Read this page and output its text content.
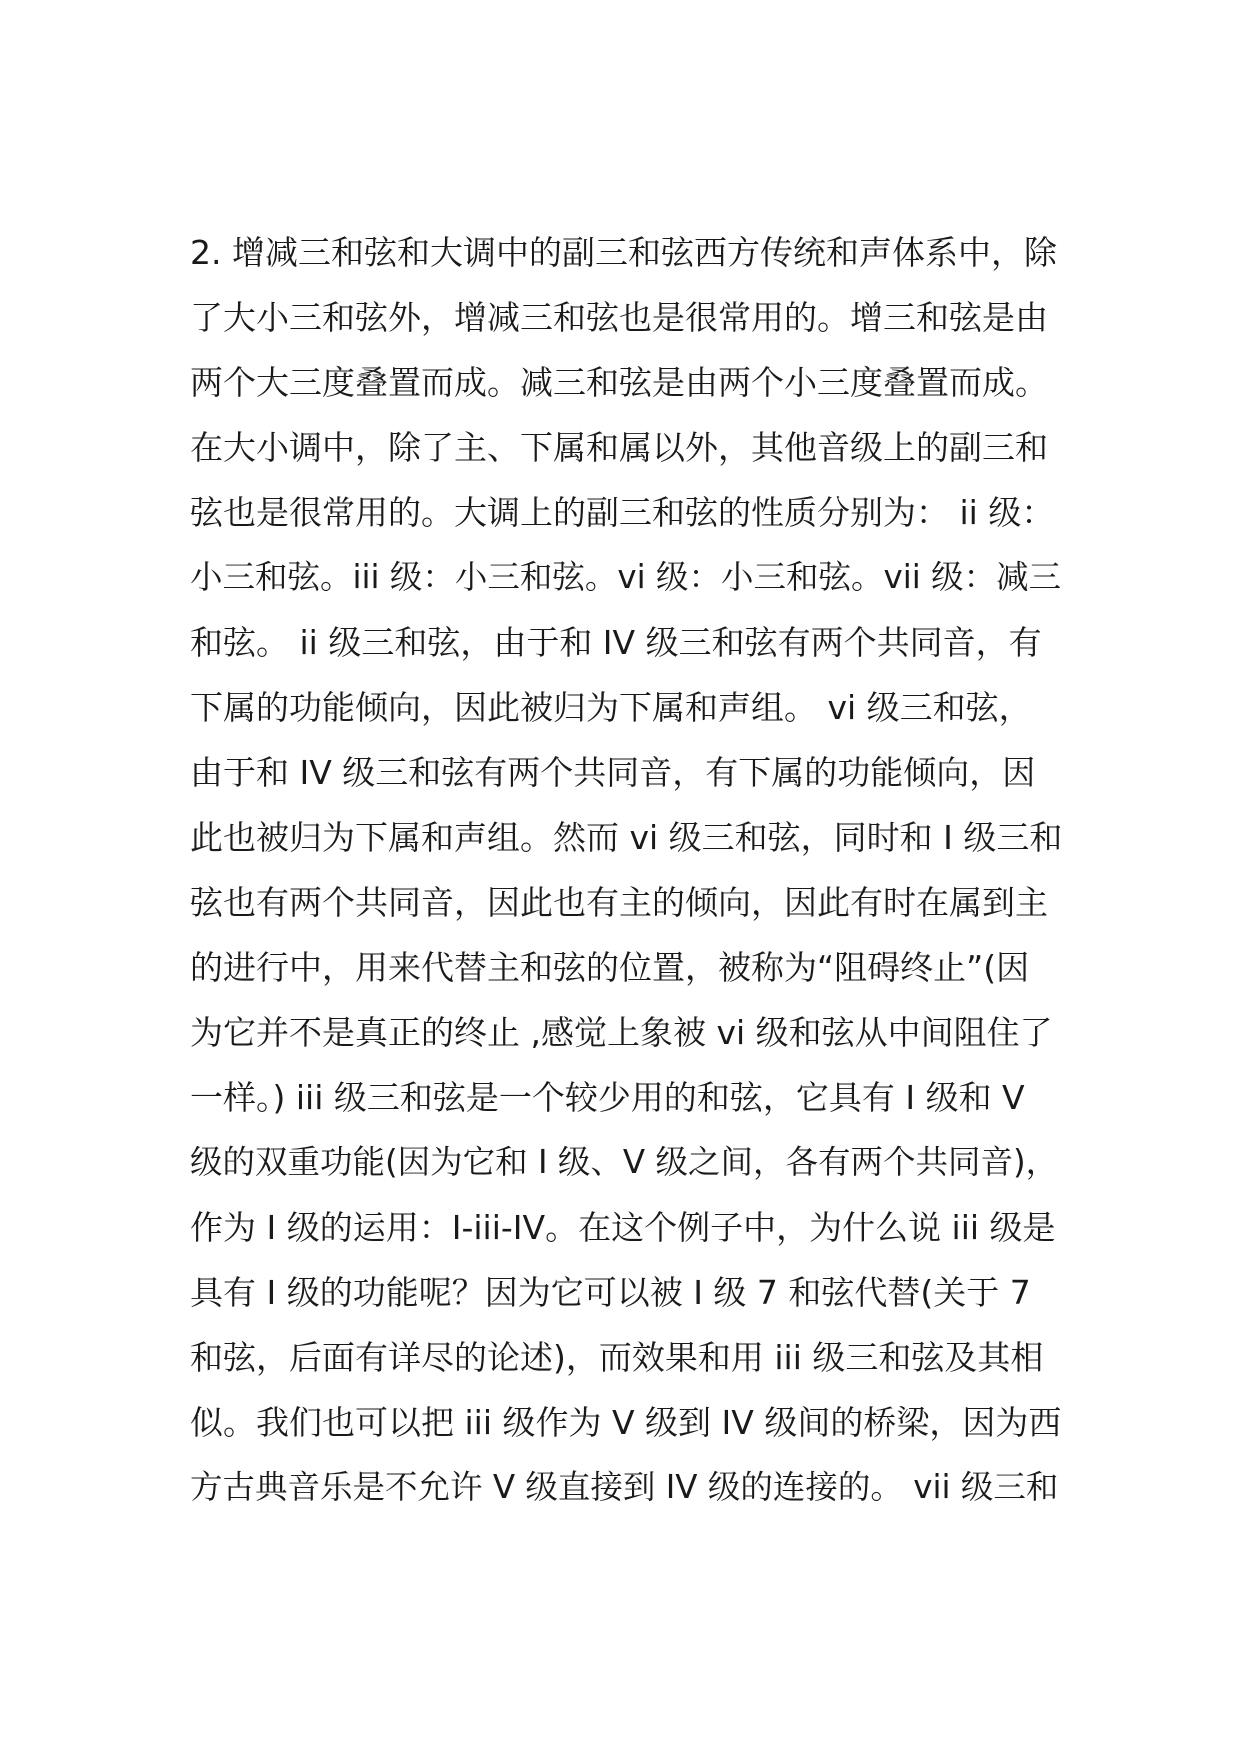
2. 增减三和弦和大调中的副三和弦西方传统和声体系中，除
了大小三和弦外，增减三和弦也是很常用的。增三和弦是由
两个大三度叠置而成。减三和弦是由两个小三度叠置而成。
在大小调中，除了主、下属和属以外，其他音级上的副三和
弦也是很常用的。大调上的副三和弦的性质分别为： ii 级：
小三和弦。iii 级：小三和弦。vi 级：小三和弦。vii 级：减三
和弦。 ii 级三和弦，由于和 IV 级三和弦有两个共同音，有
下属的功能倾向，因此被归为下属和声组。 vi 级三和弦，
由于和 IV 级三和弦有两个共同音，有下属的功能倾向，因
此也被归为下属和声组。然而 vi 级三和弦，同时和 I 级三和
弦也有两个共同音，因此也有主的倾向，因此有时在属到主
的进行中，用来代替主和弦的位置，被称为“阻碍终止”(因
为它并不是真正的终止 ,感觉上象被 vi 级和弦从中间阻住了
一样。) iii 级三和弦是一个较少用的和弦，它具有 I 级和 V
级的双重功能(因为它和 I 级、V 级之间，各有两个共同音)，
作为 I 级的运用：I-iii-IV。在这个例子中，为什么说 iii 级是
具有 I 级的功能呢？因为它可以被 I 级 7 和弦代替(关于 7
和弦，后面有详尽的论述)，而效果和用 iii 级三和弦及其相
似。我们也可以把 iii 级作为 V 级到 IV 级间的桥梁，因为西
方古典音乐是不允许 V 级直接到 IV 级的连接的。 vii 级三和
